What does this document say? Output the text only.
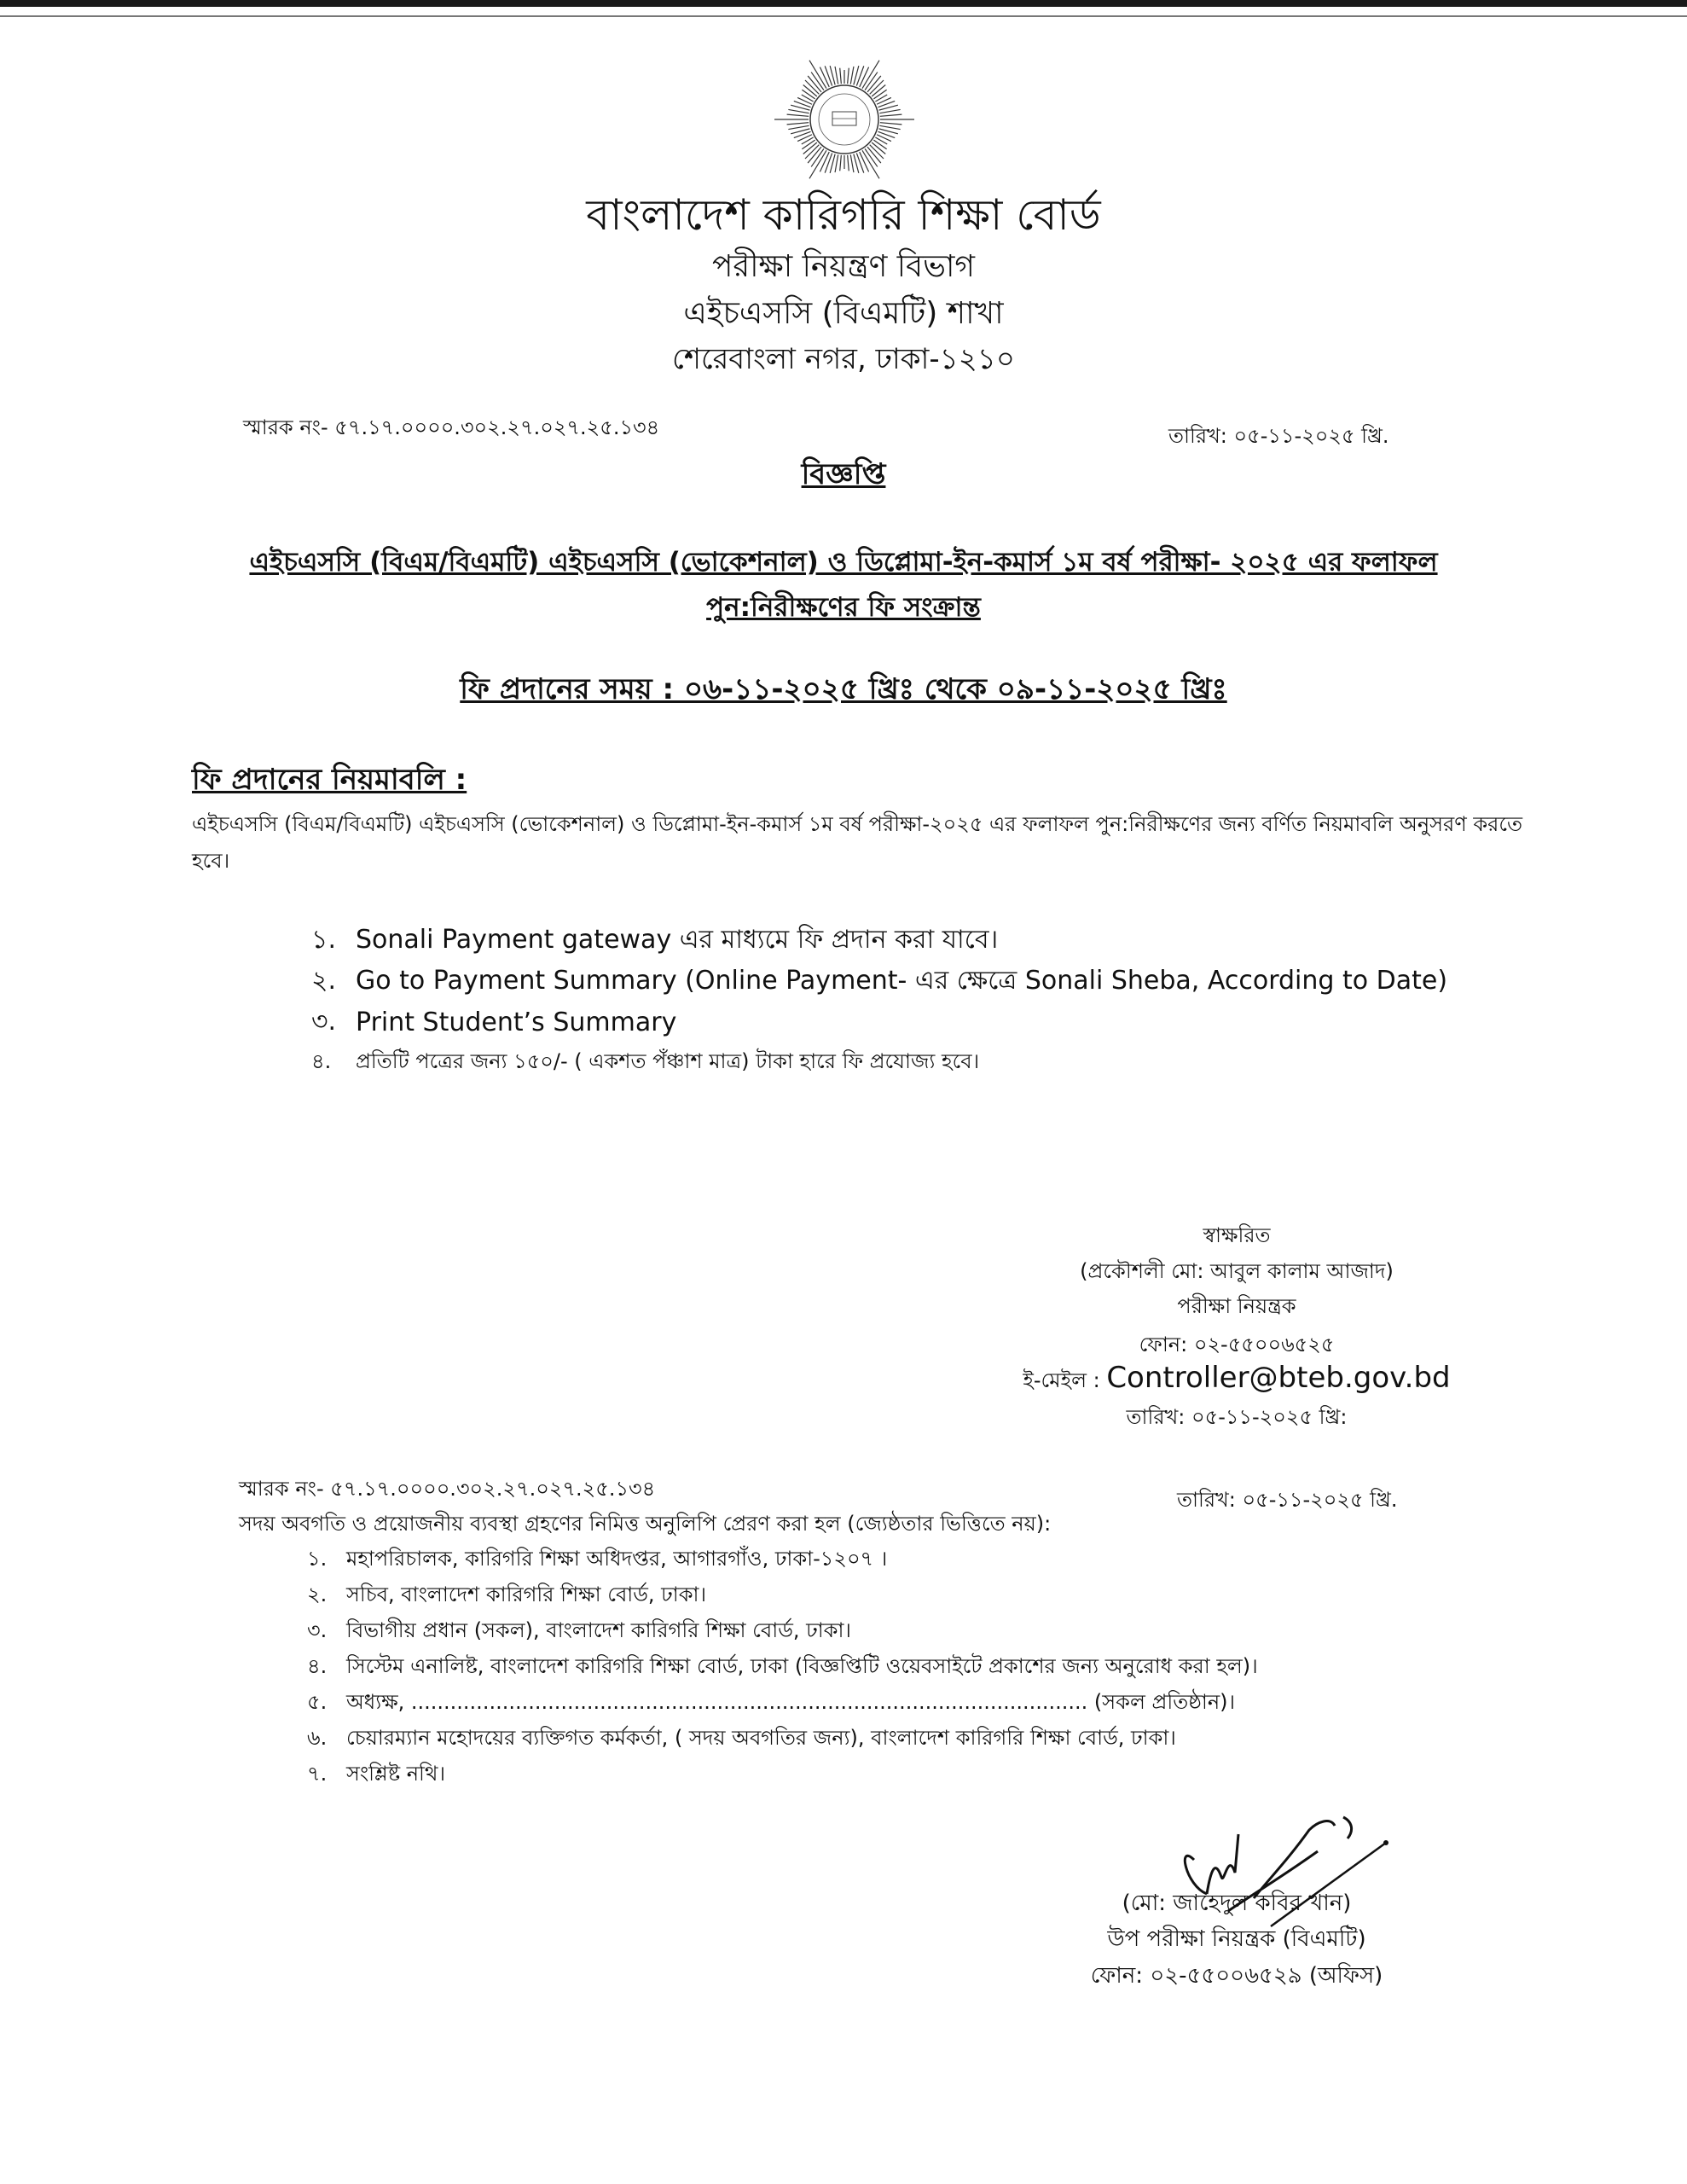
বাংলাদেশ কারিগরি শিক্ষা বোর্ড
পরীক্ষা নিয়ন্ত্রণ বিভাগ
এইচএসসি (বিএমটি) শাখা
শেরেবাংলা নগর, ঢাকা-১২১০
স্মারক নং- ৫৭.১৭.০০০০.৩০২.২৭.০২৭.২৫.১৩৪	তারিখ: ০৫-১১-২০২৫ খ্রি.
বিজ্ঞপ্তি
এইচএসসি (বিএম/বিএমটি) এইচএসসি (ভোকেশনাল) ও ডিপ্লোমা-ইন-কমার্স ১ম বর্ষ পরীক্ষা- ২০২৫ এর ফলাফল
পুন:নিরীক্ষণের ফি সংক্রান্ত
ফি প্রদানের সময় : ০৬-১১-২০২৫ খ্রিঃ থেকে ০৯-১১-২০২৫ খ্রিঃ
ফি প্রদানের নিয়মাবলি :
এইচএসসি (বিএম/বিএমটি) এইচএসসি (ভোকেশনাল) ও ডিপ্লোমা-ইন-কমার্স ১ম বর্ষ পরীক্ষা-২০২৫ এর ফলাফল পুন:নিরীক্ষণের জন্য বর্ণিত নিয়মাবলি অনুসরণ করতে হবে।
১. Sonali Payment gateway এর মাধ্যমে ফি প্রদান করা যাবে।
২. Go to Payment Summary (Online Payment- এর ক্ষেত্রে Sonali Sheba, According to Date)
৩. Print Student’s Summary
৪.	প্রতিটি পত্রের জন্য ১৫০/- ( একশত পঁঞ্চাশ মাত্র) টাকা হারে ফি প্রযোজ্য হবে।
স্বাক্ষরিত
(প্রকৌশলী মো: আবুল কালাম আজাদ)
পরীক্ষা নিয়ন্ত্রক
ফোন: ০২-৫৫০০৬৫২৫
ই-মেইল : Controller@bteb.gov.bd
তারিখ: ০৫-১১-২০২৫ খ্রি:
স্মারক নং- ৫৭.১৭.০০০০.৩০২.২৭.০২৭.২৫.১৩৪	তারিখ: ০৫-১১-২০২৫ খ্রি.
সদয় অবগতি ও প্রয়োজনীয় ব্যবস্থা গ্রহণের নিমিত্ত অনুলিপি প্রেরণ করা হল (জ্যেষ্ঠতার ভিত্তিতে নয়):
১. মহাপরিচালক, কারিগরি শিক্ষা অধিদপ্তর, আগারগাঁও, ঢাকা-১২০৭ ।
২. সচিব, বাংলাদেশ কারিগরি শিক্ষা বোর্ড, ঢাকা।
৩. বিভাগীয় প্রধান (সকল), বাংলাদেশ কারিগরি শিক্ষা বোর্ড, ঢাকা।
৪. সিস্টেম এনালিষ্ট, বাংলাদেশ কারিগরি শিক্ষা বোর্ড, ঢাকা (বিজ্ঞপ্তিটি ওয়েবসাইটে প্রকাশের জন্য অনুরোধ করা হল)।
৫. অধ্যক্ষ, ........................................................................................................ (সকল প্রতিষ্ঠান)।
৬. চেয়ারম্যান মহোদয়ের ব্যক্তিগত কর্মকর্তা, ( সদয় অবগতির জন্য), বাংলাদেশ কারিগরি শিক্ষা বোর্ড, ঢাকা।
৭. সংশ্লিষ্ট নথি।
(মো: জাহেদুল কবির খান)
উপ পরীক্ষা নিয়ন্ত্রক (বিএমটি)
ফোন: ০২-৫৫০০৬৫২৯ (অফিস)
